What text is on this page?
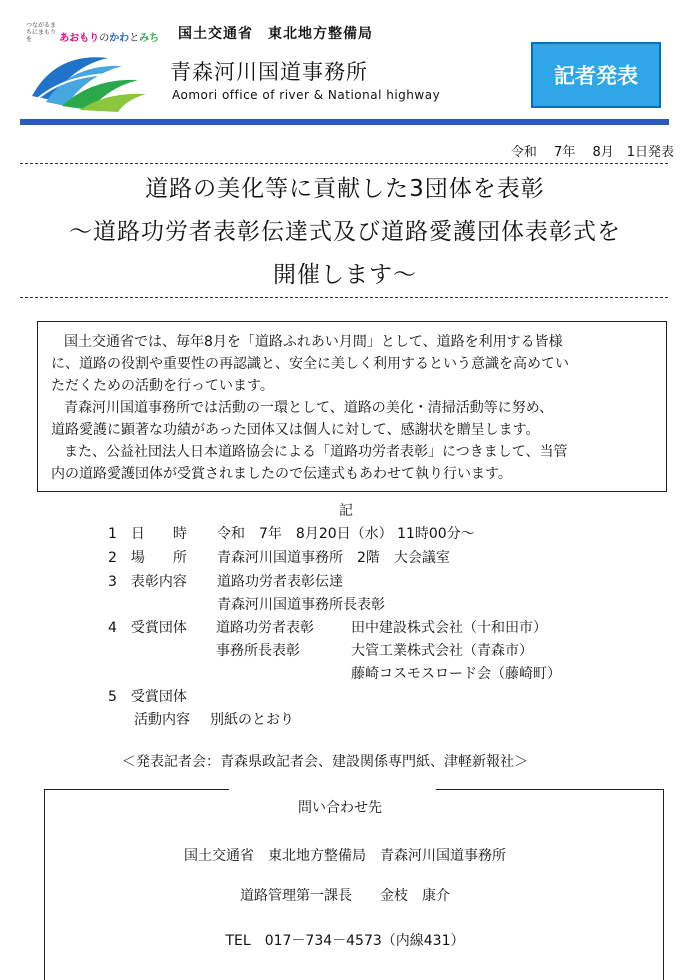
つながるまちにまもりを	あおもりのかわとみち 国土交通省　東北地方整備局
青森河川国道事務所
Aomori office of river & National highway
記者発表
令和　 7年　 8月　1日発表
道路の美化等に貢献した3団体を表彰
～道路功労者表彰伝達式及び道路愛護団体表彰式を
開催します～
国土交通省では、毎年8月を「道路ふれあい月間」として、道路を利用する皆様
に、道路の役割や重要性の再認識と、安全に美しく利用するという意識を高めてい
ただくための活動を行っています。
青森河川国道事務所では活動の一環として、道路の美化・清掃活動等に努め、
道路愛護に顕著な功績があった団体又は個人に対して、感謝状を贈呈します。
また、公益社団法人日本道路協会による「道路功労者表彰」につきまして、当管
内の道路愛護団体が受賞されましたので伝達式もあわせて執り行います。
記
1　日　　時 令和　7年　8月20日（水） 11時00分～
2　場　　所 青森河川国道事務所　2階　大会議室
3　表彰内容 道路功労者表彰伝達
青森河川国道事務所長表彰
4　受賞団体 道路功労者表彰	田中建設株式会社（十和田市）
事務所長表彰	大管工業株式会社（青森市）
藤崎コスモスロード会（藤崎町）
5　受賞団体
活動内容 別紙のとおり
＜発表記者会：青森県政記者会、建設関係専門紙、津軽新報社＞
問い合わせ先
国土交通省　東北地方整備局　青森河川国道事務所
道路管理第一課長　　金枝　康介
TEL　017－734－4573（内線431）
